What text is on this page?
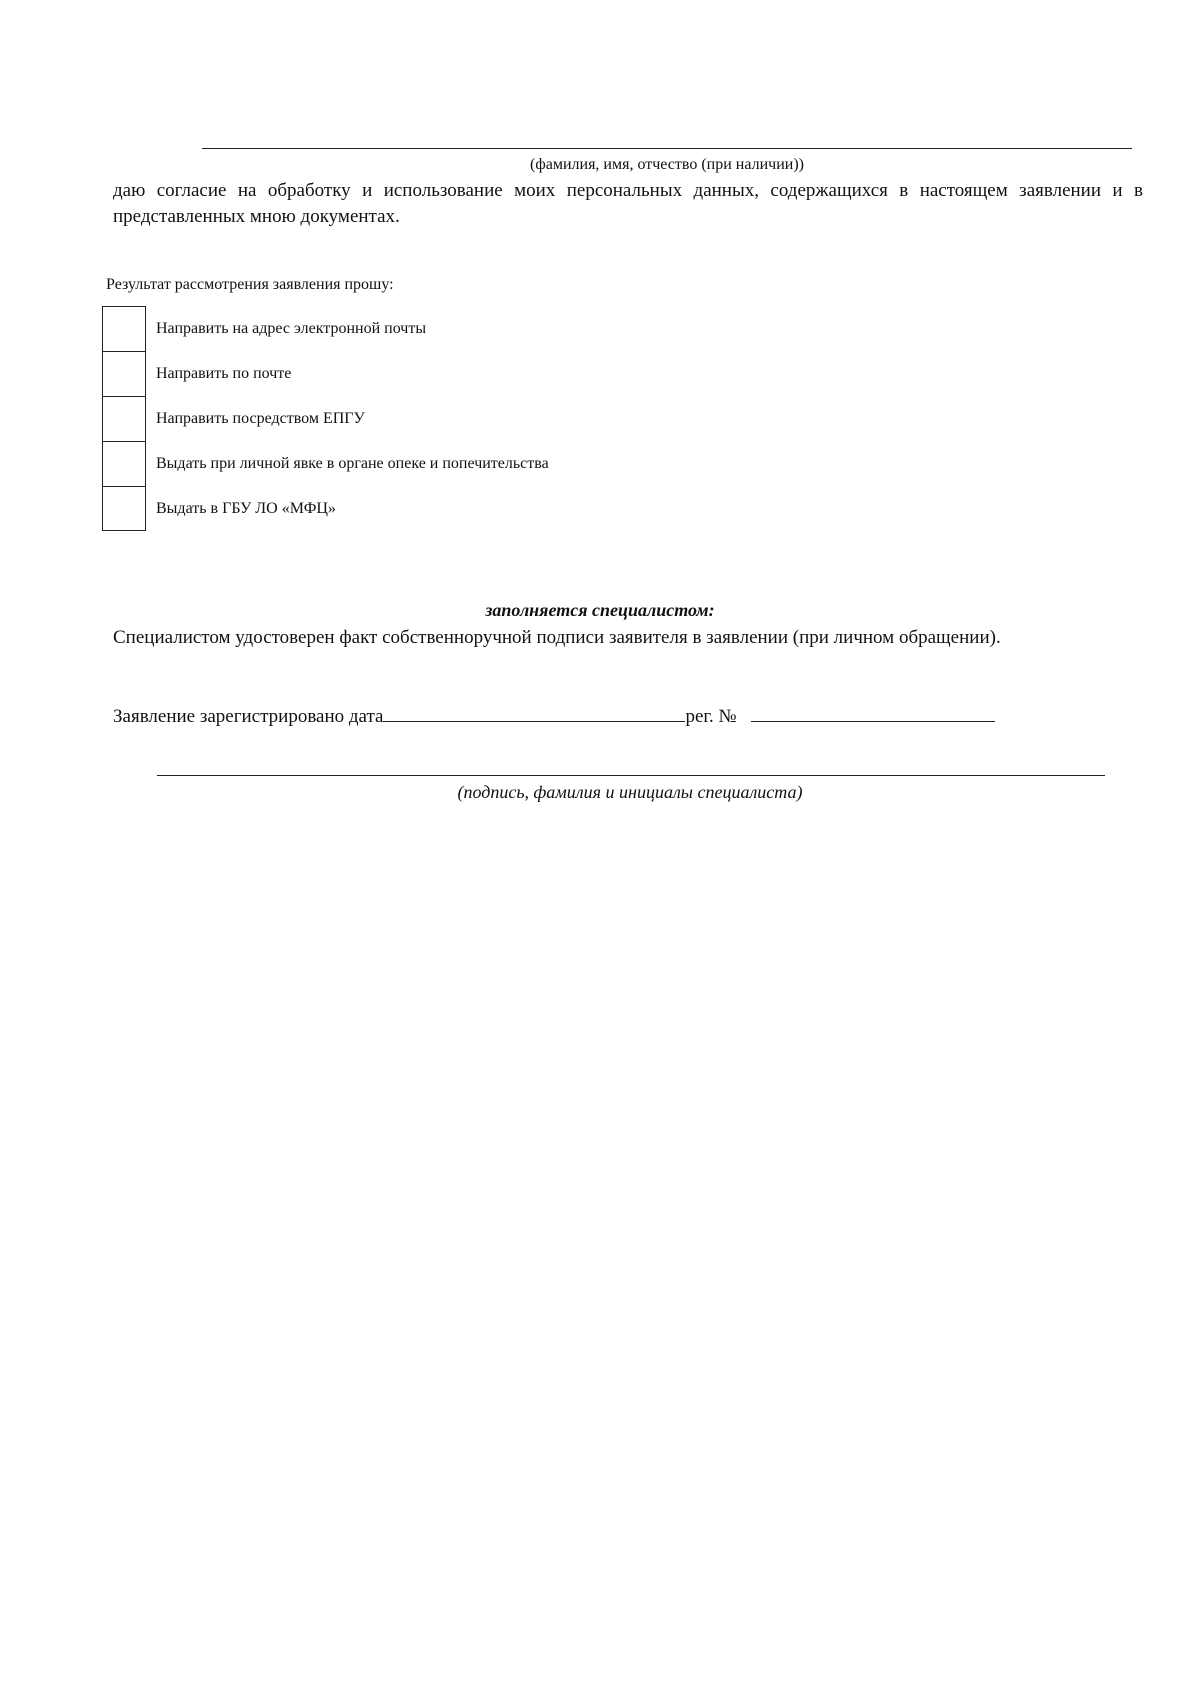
(фамилия, имя, отчество (при наличии))
даю согласие на обработку и использование моих персональных данных, содержащихся в настоящем заявлении и в представленных мною документах.
Результат рассмотрения заявления прошу:
Направить на адрес электронной почты
Направить по почте
Направить посредством ЕПГУ
Выдать при личной явке в органе опеке и попечительства
Выдать в ГБУ ЛО «МФЦ»
заполняется специалистом:
Специалистом удостоверен факт собственноручной подписи заявителя в заявлении (при личном обращении).
Заявление зарегистрировано дата	рег. №
(подпись, фамилия и инициалы специалиста)
